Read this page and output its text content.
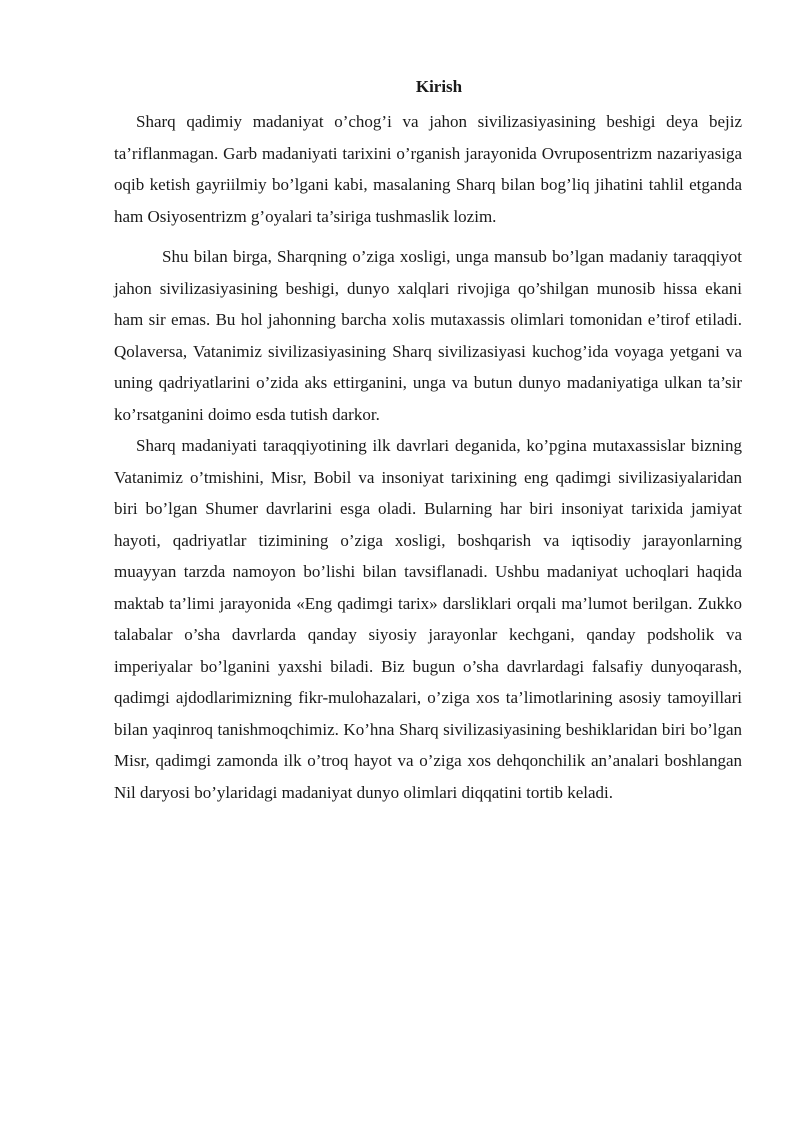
Kirish

Sharq qadimiy madaniyat o’chog’i va jahon sivilizasiyasining beshigi deya bejiz ta’riflanmagan. Garb madaniyati tarixini o’rganish jarayonida Ovruposentrizm nazariyasiga oqib ketish gayriilmiy bo’lgani kabi, masalaning Sharq bilan bog’liq jihatini tahlil etganda ham Osiyosentrizm g’oyalari ta’siriga tushmaslik lozim.

Shu bilan birga, Sharqning o’ziga xosligi, unga mansub bo’lgan madaniy taraqqiyot jahon sivilizasiyasining beshigi, dunyo xalqlari rivojiga qo’shilgan munosib hissa ekani ham sir emas. Bu hol jahonning barcha xolis mutaxassis olimlari tomonidan e’tirof etiladi. Qolaversa, Vatanimiz sivilizasiyasining Sharq sivilizasiyasi kuchog’ida voyaga yetgani va uning qadriyatlarini o’zida aks ettirganini, unga va butun dunyo madaniyatiga ulkan ta’sir ko’rsatganini doimo esda tutish darkor.

Sharq madaniyati taraqqiyotining ilk davrlari deganida, ko’pgina mutaxassislar bizning Vatanimiz o’tmishini, Misr, Bobil va insoniyat tarixining eng qadimgi sivilizasiyalaridan biri bo’lgan Shumer davrlarini esga oladi. Bularning har biri insoniyat tarixida jamiyat hayoti, qadriyatlar tizimining o’ziga xosligi, boshqarish va iqtisodiy jarayonlarning muayyan tarzda namoyon bo’lishi bilan tavsiflanadi. Ushbu madaniyat uchoqlari haqida maktab ta’limi jarayonida «Eng qadimgi tarix» darsliklari orqali ma’lumot berilgan. Zukko talabalar o’sha davrlarda qanday siyosiy jarayonlar kechgani, qanday podsholik va imperiyalar bo’lganini yaxshi biladi. Biz bugun o’sha davrlardagi falsafiy dunyoqarash, qadimgi ajdodlarimizning fikr-mulohazalari, o’ziga xos ta’limotlarining asosiy tamoyillari bilan yaqinroq tanishmoqchimiz. Ko’hna Sharq sivilizasiyasining beshiklaridan biri bo’lgan Misr, qadimgi zamonda ilk o’troq hayot va o’ziga xos dehqonchilik an’analari boshlangan Nil daryosi bo’ylaridagi madaniyat dunyo olimlari diqqatini tortib keladi.
